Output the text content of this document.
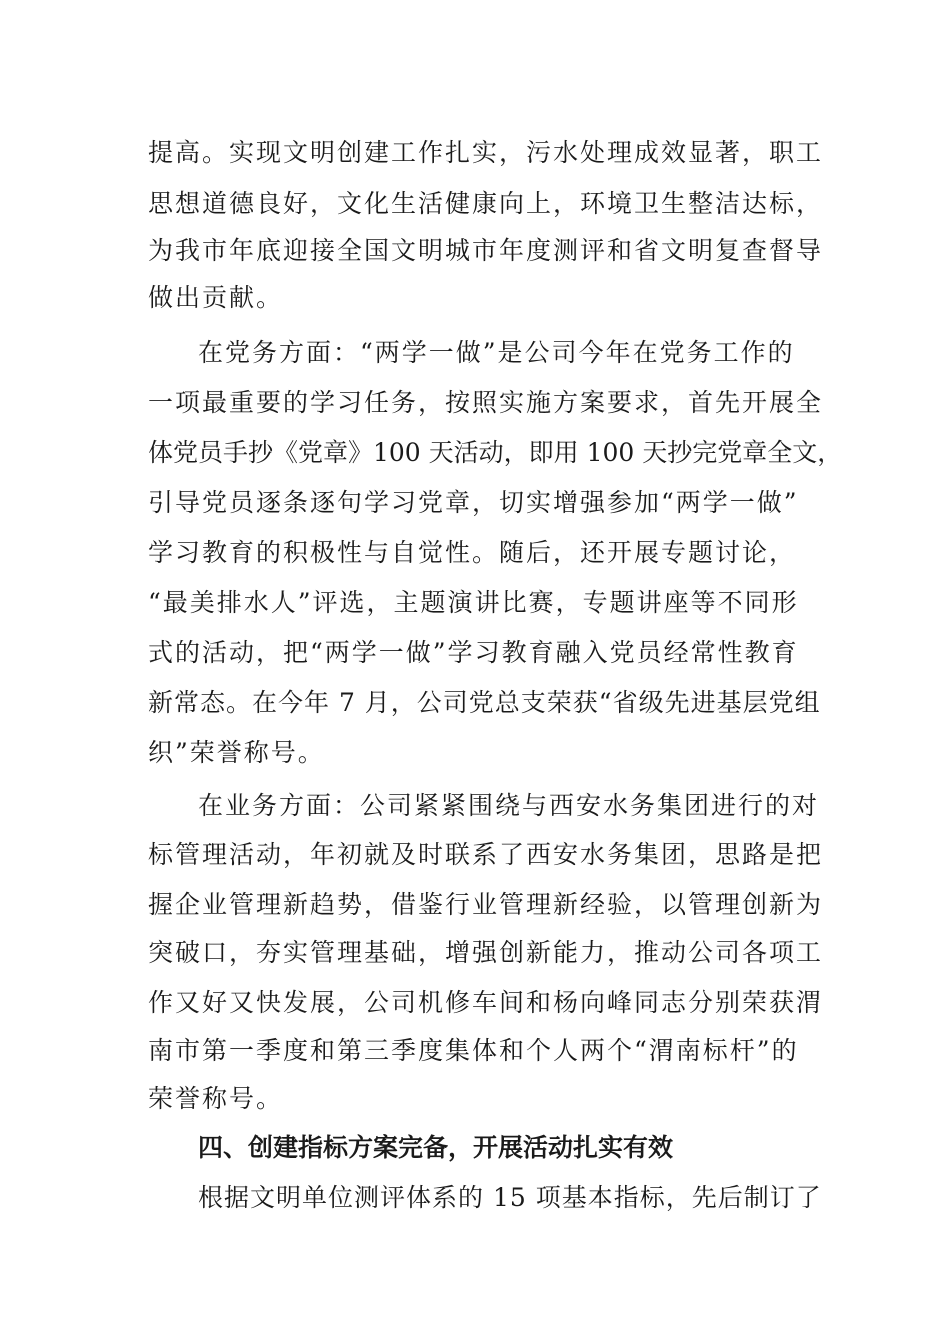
提高。实现文明创建工作扎实，污水处理成效显著，职工
思想道德良好，文化生活健康向上，环境卫生整洁达标，
为我市年底迎接全国文明城市年度测评和省文明复查督导
做出贡献。
在党务方面：“两学一做”是公司今年在党务工作的
一项最重要的学习任务，按照实施方案要求，首先开展全
体党员手抄《党章》100 天活动，即用 100 天抄完党章全文，
引导党员逐条逐句学习党章，切实增强参加“两学一做”
学习教育的积极性与自觉性。随后，还开展专题讨论，
“最美排水人”评选，主题演讲比赛，专题讲座等不同形
式的活动，把“两学一做”学习教育融入党员经常性教育
新常态。在今年 7 月，公司党总支荣获“省级先进基层党组
织”荣誉称号。
在业务方面：公司紧紧围绕与西安水务集团进行的对
标管理活动，年初就及时联系了西安水务集团，思路是把
握企业管理新趋势，借鉴行业管理新经验，以管理创新为
突破口，夯实管理基础，增强创新能力，推动公司各项工
作又好又快发展，公司机修车间和杨向峰同志分别荣获渭
南市第一季度和第三季度集体和个人两个“渭南标杆”的
荣誉称号。
四、创建指标方案完备，开展活动扎实有效
根据文明单位测评体系的 15 项基本指标，先后制订了
